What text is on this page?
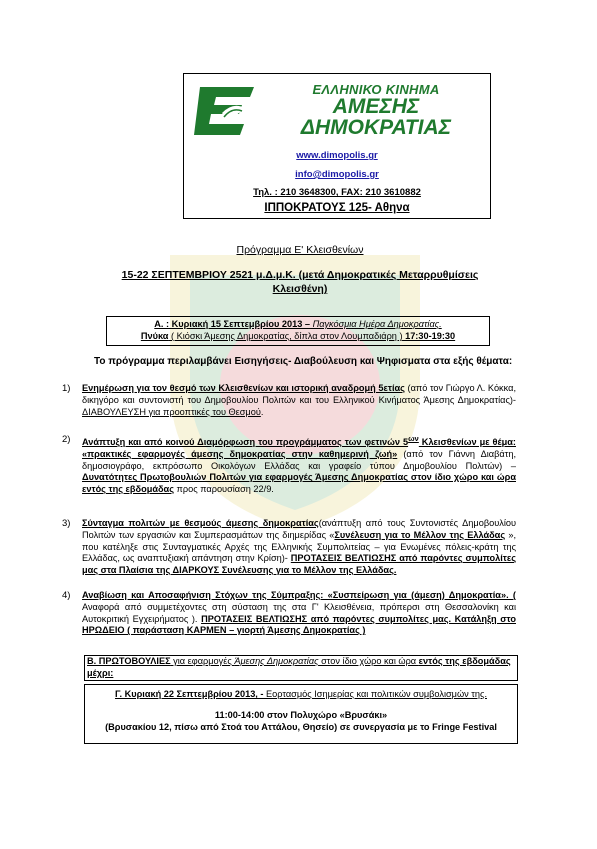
ΕΛΛΗΝΙΚΟ ΚΙΝΗΜΑ
ΑΜΕΣΗΣ
ΔΗΜΟΚΡΑΤΙΑΣ
www.dimopolis.gr
info@dimopolis.gr
Τηλ. : 210 3648300, FAX: 210 3610882
ΙΠΠΟΚΡΑΤΟΥΣ 125- Αθηνα
Πρόγραμμα Ε' Κλεισθενίων
15-22 ΣΕΠΤΕΜΒΡΙΟΥ 2521 μ.Δ.μ.Κ. (μετά Δημοκρατικές Μεταρρυθμίσεις
Κλεισθένη)
Α. : Κυριακή 15 Σεπτεμβρίου 2013 – Παγκόσμια Ημέρα Δημοκρατίας.
Πνύκα ( Κιόσκι Άμεσης Δημοκρατίας, δίπλα στον Λουμπαδιάρη ) 17:30-19:30
Το πρόγραμμα περιλαμβάνει Εισηγήσεις- Διαβούλευση και Ψηφισματα στα εξής θέματα:
1) Ενημέρωση για τον θεσμό των Κλεισθενίων και ιστορική αναδρομή 5ετίας (από τον Γιώργο Λ. Κόκκα, δικηγόρο και συντονιστή του Δημοβουλίου Πολιτών και του Ελληνικού Κινήματος Άμεσης Δημοκρατίας)- ΔΙΑΒΟΥΛΕΥΣΗ για προοπτικές του Θεσμού.
2) Ανάπτυξη και από κοινού Διαμόρφωση του προγράμματος των φετινών $5^{\omega\nu}$ Κλεισθενίων με θέμα: «πρακτικές εφαρμογές άμεσης δημοκρατίας στην καθημερινή ζωή» (από τον Γιάννη Διαβάτη, δημοσιογράφο, εκπρόσωπο Οικολόγων Ελλάδας και γραφείο τύπου Δημοβουλίου Πολιτών) – Δυνατότητες Πρωτοβουλιών Πολιτών για εφαρμογές Άμεσης Δημοκρατίας στον ίδιο χώρο και ώρα εντός της εβδομάδας προς παρουσίαση 22/9.
3) Σύνταγμα πολιτών με θεσμούς άμεσης δημοκρατίας(ανάπτυξη από τους Συντονιστές Δημοβουλίου Πολιτών των εργασιών και Συμπερασμάτων της διημερίδας «Συνέλευση για το Μέλλον της Ελλάδας », που κατέληξε στις Συνταγματικές Αρχές της Ελληνικής Συμπολιτείας – για Ενωμένες πόλεις-κράτη της Ελλάδας, ως αναπτυξιακή απάντηση στην Κρίση)- ΠΡΟΤΑΣΕΙΣ ΒΕΛΤΙΩΣΗΣ από παρόντες συμπολίτες μας στα Πλαίσια της ΔΙΑΡΚΟΥΣ Συνέλευσης για το Μέλλον της Ελλάδας.
4) Αναβίωση και Αποσαφήνιση Στόχων της Σύμπραξης: «Συσπείρωση για (άμεση) Δημοκρατία». ( Αναφορά από συμμετέχοντες στη σύσταση της στα Γ' Κλεισθένεια, πρόπερσι στη Θεσσαλονίκη και Αυτοκριτική Εγχειρήματος ). ΠΡΟΤΑΣΕΙΣ ΒΕΛΤΙΩΣΗΣ από παρόντες συμπολίτες μας. Κατάληξη στο ΗΡΩΔΕΙΟ ( παράσταση ΚΑΡΜΕΝ – γιορτή Άμεσης Δημοκρατίας )
Β. ΠΡΩΤΟΒΟΥΛΙΕΣ για εφαρμογές Άμεσης Δημοκρατίας στον ίδιο χώρο και ώρα εντός της εβδομάδας μέχρι:
Γ. Κυριακή 22 Σεπτεμβρίου 2013, - Εορτασμός Ισημερίας και πολιτικών συμβολισμών της.
11:00-14:00 στον Πολυχώρο «Βρυσάκι»
(Βρυσακίου 12, πίσω από Στοά του Αττάλου, Θησείο) σε συνεργασία με το Fringe Festival
